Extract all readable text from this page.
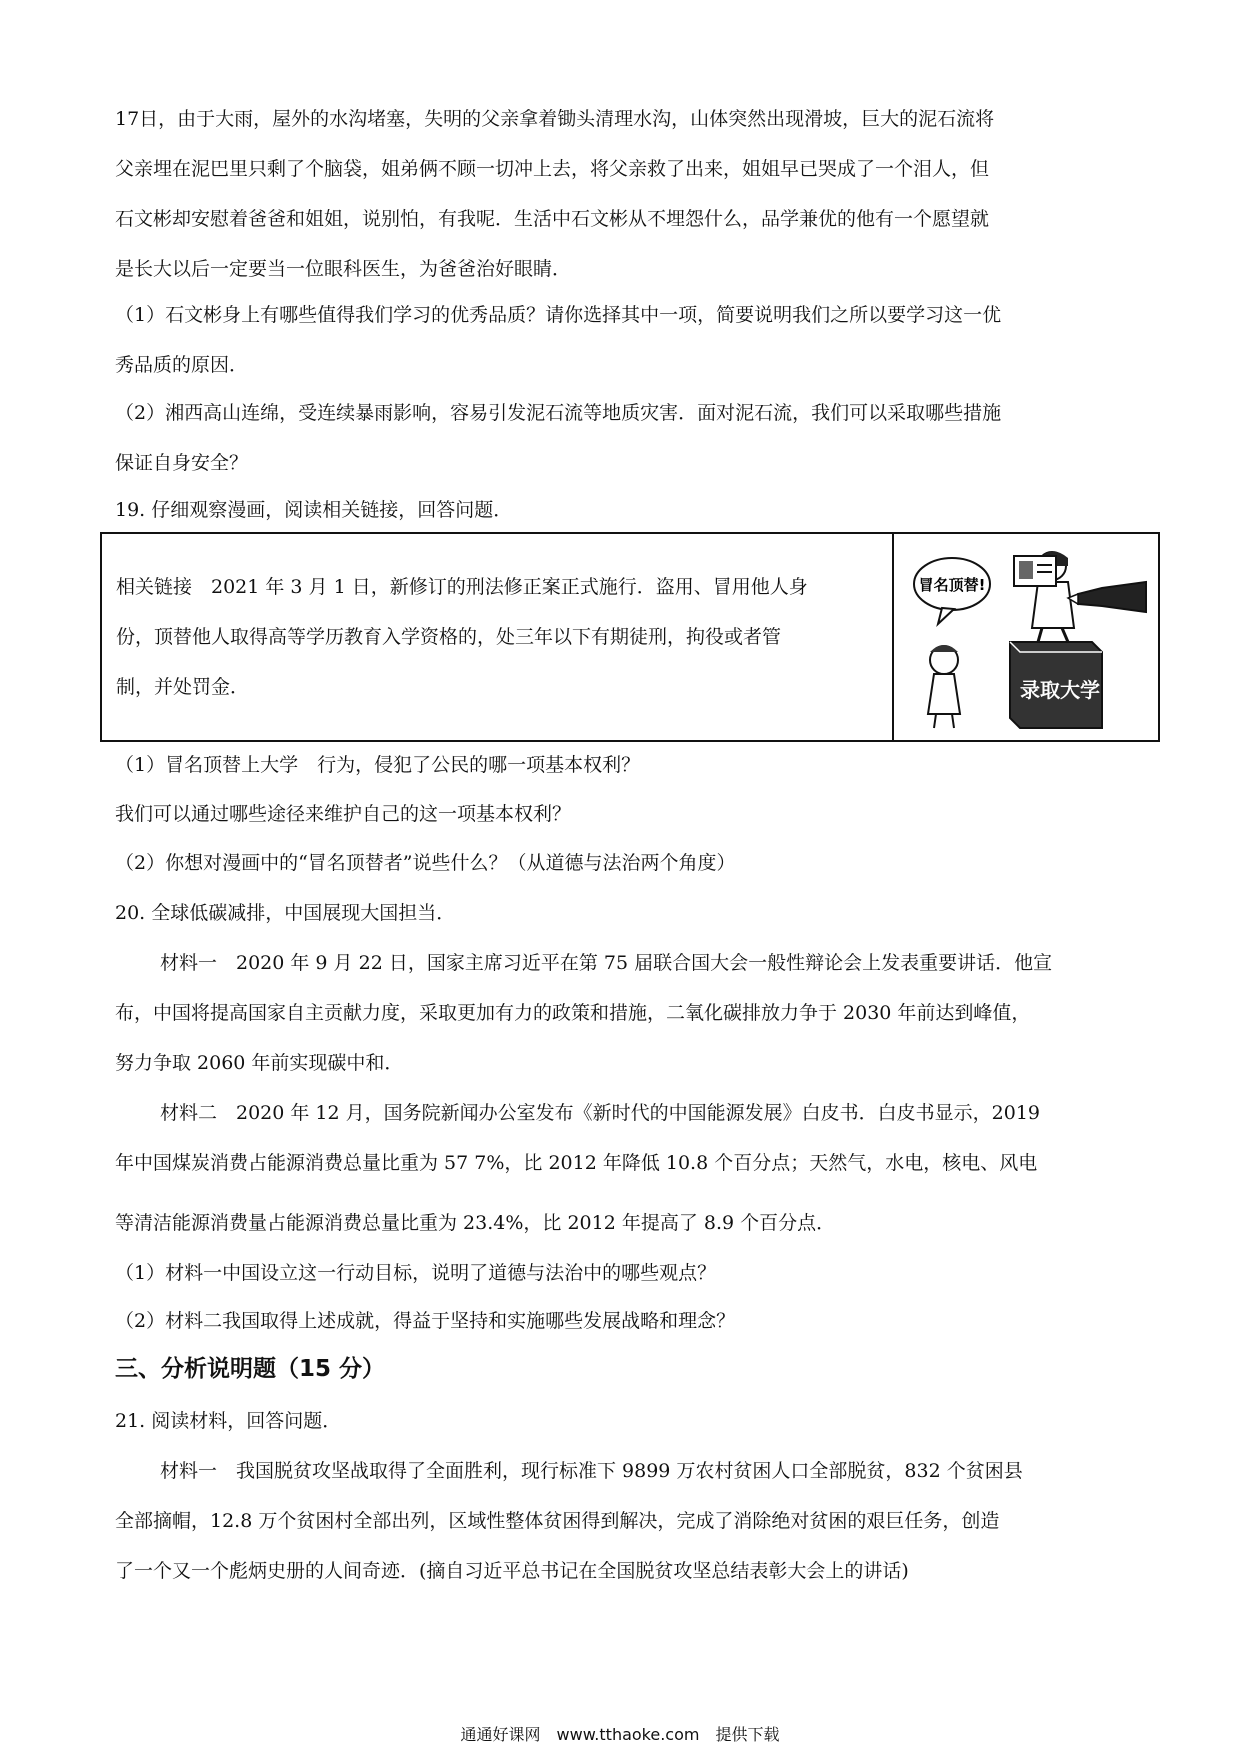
17日，由于大雨，屋外的水沟堵塞，失明的父亲拿着锄头清理水沟，山体突然出现滑坡，巨大的泥石流将
父亲埋在泥巴里只剩了个脑袋，姐弟俩不顾一切冲上去，将父亲救了出来，姐姐早已哭成了一个泪人，但
石文彬却安慰着爸爸和姐姐，说别怕，有我呢．生活中石文彬从不埋怨什么，品学兼优的他有一个愿望就
是长大以后一定要当一位眼科医生，为爸爸治好眼睛．
（1）石文彬身上有哪些值得我们学习的优秀品质？请你选择其中一项，简要说明我们之所以要学习这一优
秀品质的原因．
（2）湘西高山连绵，受连续暴雨影响，容易引发泥石流等地质灾害．面对泥石流，我们可以采取哪些措施
保证自身安全？
19. 仔细观察漫画，阅读相关链接，回答问题．
相关链接　2021 年 3 月 1 日，新修订的刑法修正案正式施行．盗用、冒用他人身
份，顶替他人取得高等学历教育入学资格的，处三年以下有期徒刑，拘役或者管
制，并处罚金．
冒名顶替!
录取大学
（1）冒名顶替上大学　行为，侵犯了公民的哪一项基本权利？
我们可以通过哪些途径来维护自己的这一项基本权利？
（2）你想对漫画中的“冒名顶替者”说些什么？（从道德与法治两个角度）
20. 全球低碳减排，中国展现大国担当．
材料一　2020 年 9 月 22 日，国家主席习近平在第 75 届联合国大会一般性辩论会上发表重要讲话．他宣
布，中国将提高国家自主贡献力度，采取更加有力的政策和措施，二氧化碳排放力争于 2030 年前达到峰值，
努力争取 2060 年前实现碳中和．
材料二　2020 年 12 月，国务院新闻办公室发布《新时代的中国能源发展》白皮书．白皮书显示，2019
年中国煤炭消费占能源消费总量比重为 57 7%，比 2012 年降低 10.8 个百分点；天然气，水电，核电、风电
等清洁能源消费量占能源消费总量比重为 23.4%，比 2012 年提高了 8.9 个百分点．
（1）材料一中国设立这一行动目标，说明了道德与法治中的哪些观点？
（2）材料二我国取得上述成就，得益于坚持和实施哪些发展战略和理念？
三、分析说明题（15 分）
21. 阅读材料，回答问题．
材料一　我国脱贫攻坚战取得了全面胜利，现行标准下 9899 万农村贫困人口全部脱贫，832 个贫困县
全部摘帽，12.8 万个贫困村全部出列，区域性整体贫困得到解决，完成了消除绝对贫困的艰巨任务，创造
了一个又一个彪炳史册的人间奇迹．(摘自习近平总书记在全国脱贫攻坚总结表彰大会上的讲话)
通通好课网　www.tthaoke.com　提供下载
